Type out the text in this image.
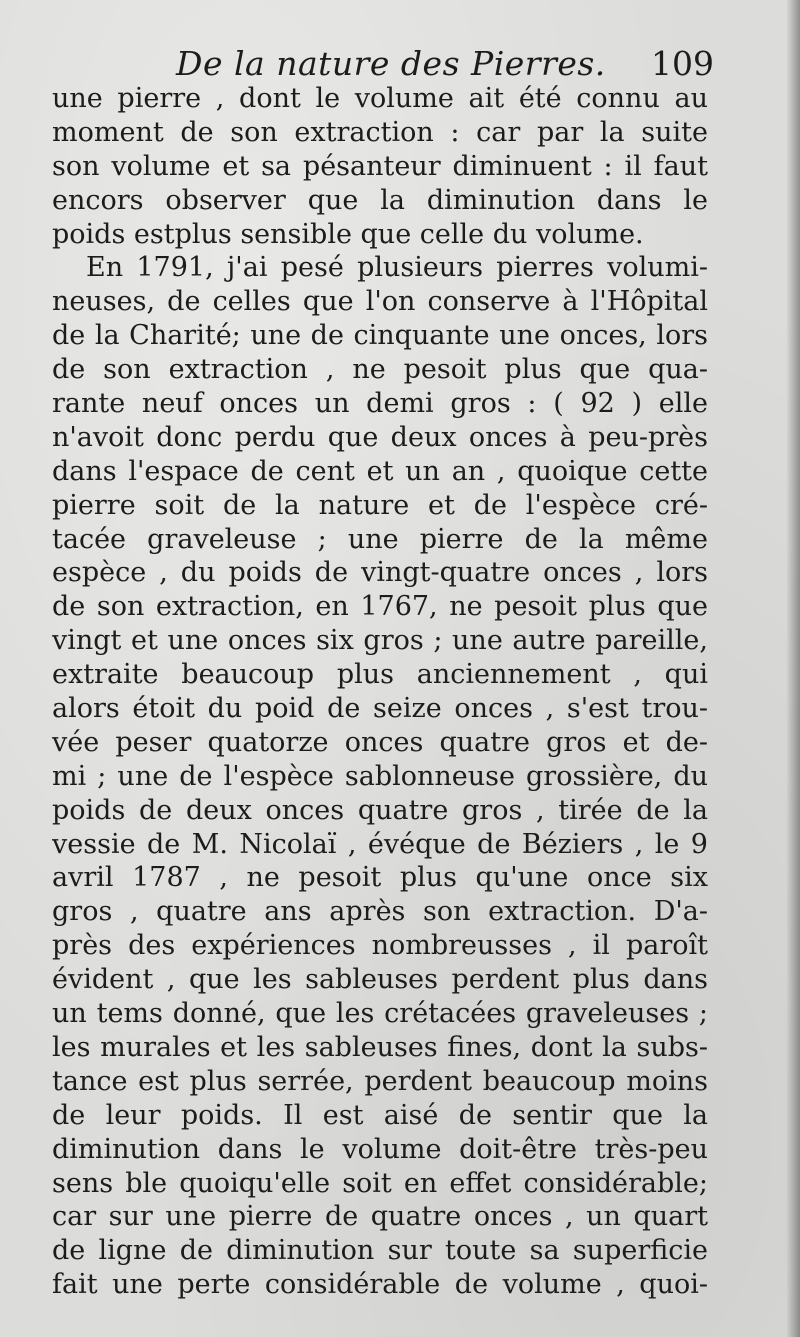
De la nature des Pierres. 109
une pierre , dont le volume ait été connu au
moment de son extraction : car par la suite
son volume et sa pésanteur diminuent : il faut
encors observer que la diminution dans le
poids estplus sensible que celle du volume.
En 1791, j'ai pesé plusieurs pierres volumi-
neuses, de celles que l'on conserve à l'Hôpital
de la Charité; une de cinquante une onces, lors
de son extraction , ne pesoit plus que qua-
rante neuf onces un demi gros : ( 92 ) elle
n'avoit donc perdu que deux onces à peu-près
dans l'espace de cent et un an , quoique cette
pierre soit de la nature et de l'espèce cré-
tacée graveleuse ; une pierre de la même
espèce , du poids de vingt-quatre onces , lors
de son extraction, en 1767, ne pesoit plus que
vingt et une onces six gros ; une autre pareille,
extraite beaucoup plus anciennement , qui
alors étoit du poid de seize onces , s'est trou-
vée peser quatorze onces quatre gros et de-
mi ; une de l'espèce sablonneuse grossière, du
poids de deux onces quatre gros , tirée de la
vessie de M. Nicolaï , évéque de Béziers , le 9
avril 1787 , ne pesoit plus qu'une once six
gros , quatre ans après son extraction. D'a-
près des expériences nombreusses , il paroît
évident , que les sableuses perdent plus dans
un tems donné, que les crétacées graveleuses ;
les murales et les sableuses fines, dont la subs-
tance est plus serrée, perdent beaucoup moins
de leur poids. Il est aisé de sentir que la
diminution dans le volume doit-être très-peu
sens ble quoiqu'elle soit en effet considérable;
car sur une pierre de quatre onces , un quart
de ligne de diminution sur toute sa superficie
fait une perte considérable de volume , quoi-
